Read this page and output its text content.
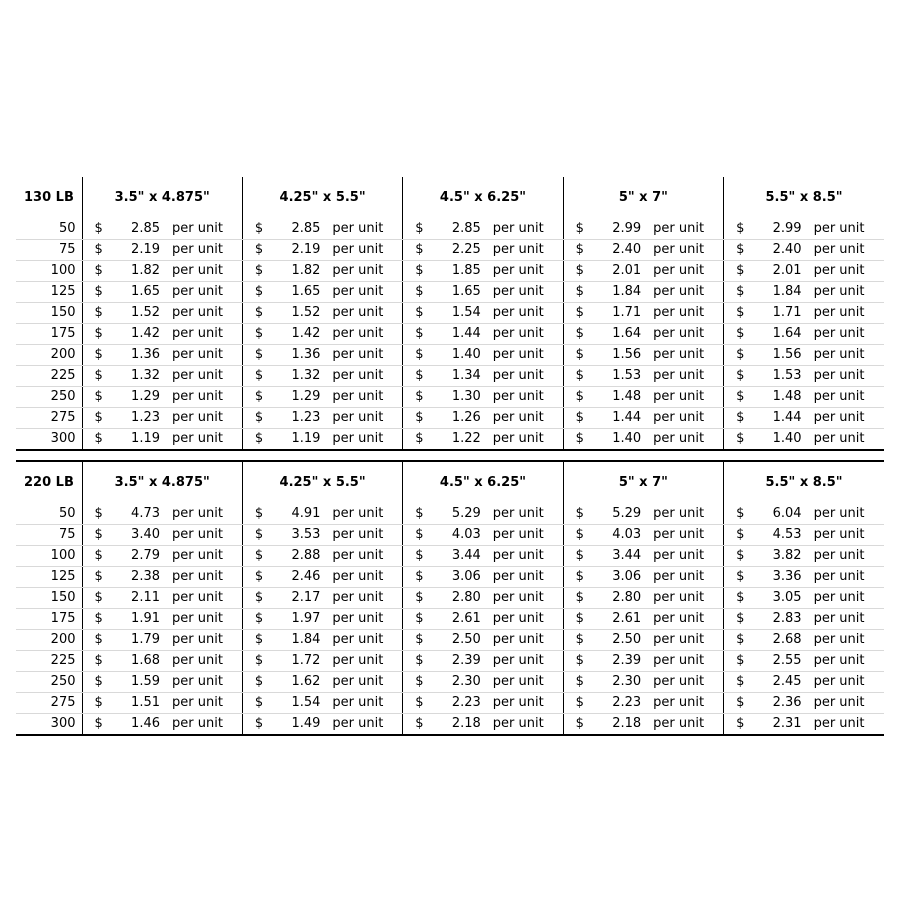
130 LB	3.5" x 4.875"			4.25" x 5.5"			4.5" x 6.25"			5" x 7"			5.5" x 8.5"		
50	$	2.85	per unit	$	2.85	per unit	$	2.85	per unit	$	2.99	per unit	$	2.99	per unit
75	$	2.19	per unit	$	2.19	per unit	$	2.25	per unit	$	2.40	per unit	$	2.40	per unit
100	$	1.82	per unit	$	1.82	per unit	$	1.85	per unit	$	2.01	per unit	$	2.01	per unit
125	$	1.65	per unit	$	1.65	per unit	$	1.65	per unit	$	1.84	per unit	$	1.84	per unit
150	$	1.52	per unit	$	1.52	per unit	$	1.54	per unit	$	1.71	per unit	$	1.71	per unit
175	$	1.42	per unit	$	1.42	per unit	$	1.44	per unit	$	1.64	per unit	$	1.64	per unit
200	$	1.36	per unit	$	1.36	per unit	$	1.40	per unit	$	1.56	per unit	$	1.56	per unit
225	$	1.32	per unit	$	1.32	per unit	$	1.34	per unit	$	1.53	per unit	$	1.53	per unit
250	$	1.29	per unit	$	1.29	per unit	$	1.30	per unit	$	1.48	per unit	$	1.48	per unit
275	$	1.23	per unit	$	1.23	per unit	$	1.26	per unit	$	1.44	per unit	$	1.44	per unit
300	$	1.19	per unit	$	1.19	per unit	$	1.22	per unit	$	1.40	per unit	$	1.40	per unit
220 LB	3.5" x 4.875"			4.25" x 5.5"			4.5" x 6.25"			5" x 7"			5.5" x 8.5"		
50	$	4.73	per unit	$	4.91	per unit	$	5.29	per unit	$	5.29	per unit	$	6.04	per unit
75	$	3.40	per unit	$	3.53	per unit	$	4.03	per unit	$	4.03	per unit	$	4.53	per unit
100	$	2.79	per unit	$	2.88	per unit	$	3.44	per unit	$	3.44	per unit	$	3.82	per unit
125	$	2.38	per unit	$	2.46	per unit	$	3.06	per unit	$	3.06	per unit	$	3.36	per unit
150	$	2.11	per unit	$	2.17	per unit	$	2.80	per unit	$	2.80	per unit	$	3.05	per unit
175	$	1.91	per unit	$	1.97	per unit	$	2.61	per unit	$	2.61	per unit	$	2.83	per unit
200	$	1.79	per unit	$	1.84	per unit	$	2.50	per unit	$	2.50	per unit	$	2.68	per unit
225	$	1.68	per unit	$	1.72	per unit	$	2.39	per unit	$	2.39	per unit	$	2.55	per unit
250	$	1.59	per unit	$	1.62	per unit	$	2.30	per unit	$	2.30	per unit	$	2.45	per unit
275	$	1.51	per unit	$	1.54	per unit	$	2.23	per unit	$	2.23	per unit	$	2.36	per unit
300	$	1.46	per unit	$	1.49	per unit	$	2.18	per unit	$	2.18	per unit	$	2.31	per unit
